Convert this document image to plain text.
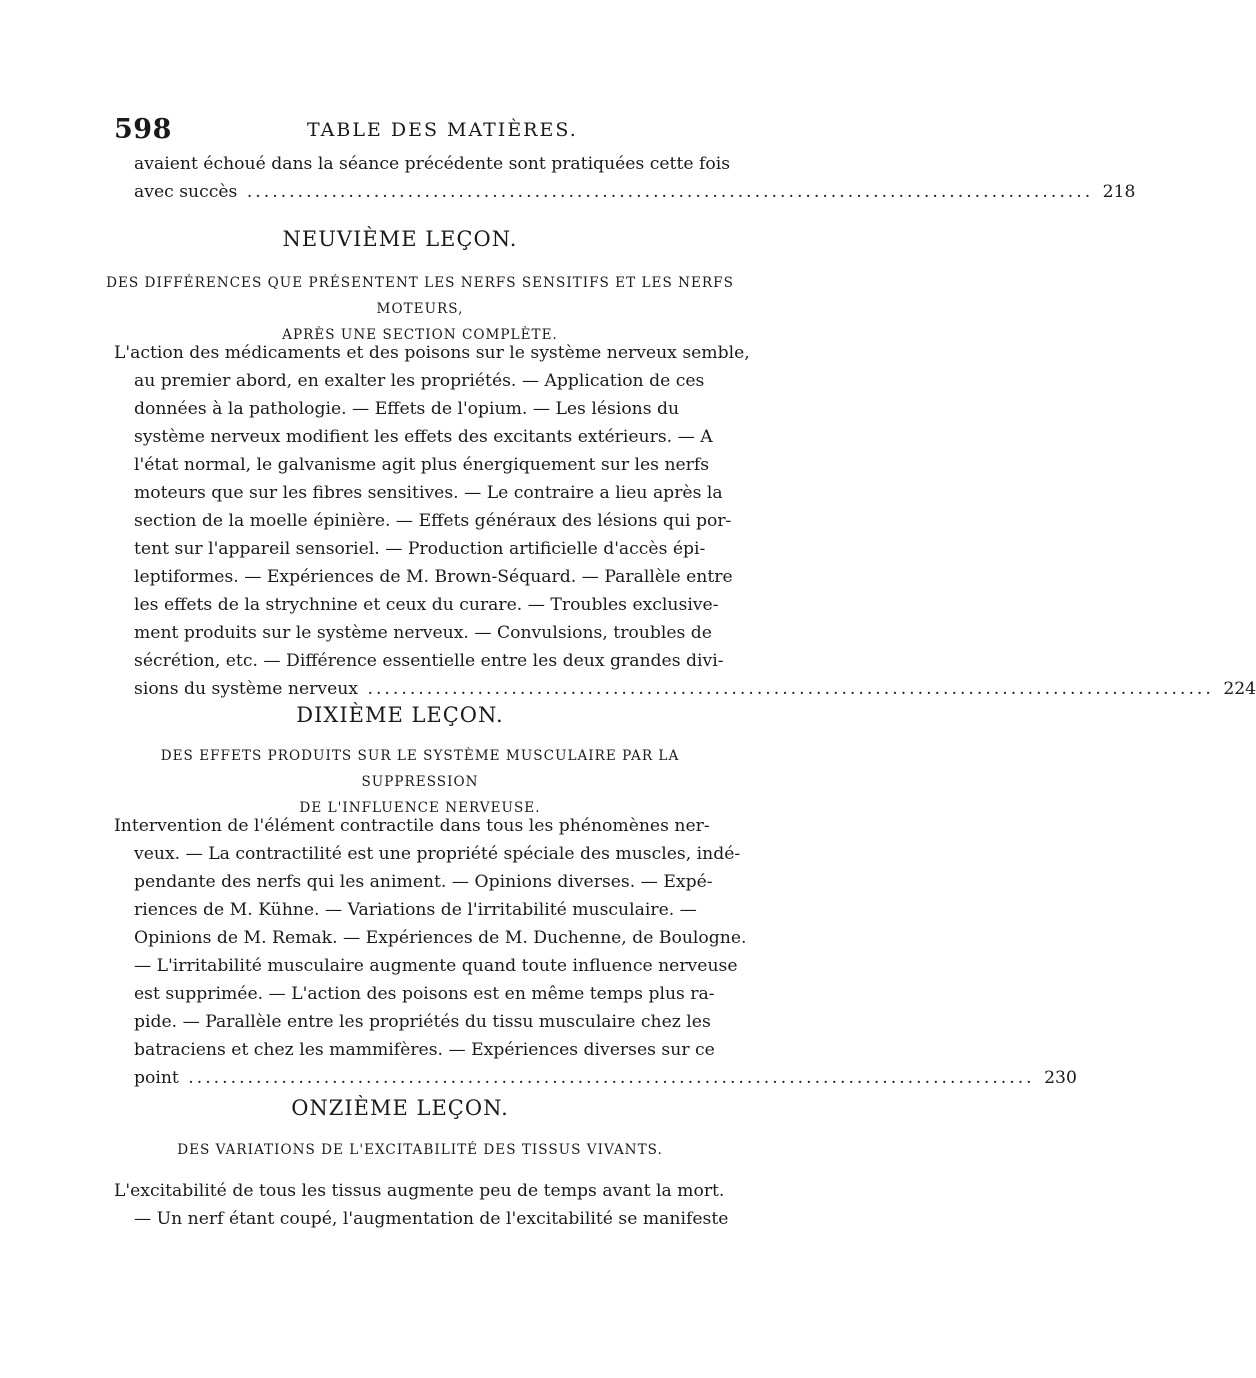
598	TABLE DES MATIÈRES.
avaient échoué dans la séance précédente sont pratiquées cette fois
avec succès .................................................................................................... 218
NEUVIÈME LEÇON.
DES DIFFÉRENCES QUE PRÉSENTENT LES NERFS SENSITIFS ET LES NERFS MOTEURS,
APRÈS UNE SECTION COMPLÈTE.
L'action des médicaments et des poisons sur le système nerveux semble,
au premier abord, en exalter les propriétés. — Application de ces
données à la pathologie. — Effets de l'opium. — Les lésions du
système nerveux modifient les effets des excitants extérieurs. — A
l'état normal, le galvanisme agit plus énergiquement sur les nerfs
moteurs que sur les fibres sensitives. — Le contraire a lieu après la
section de la moelle épinière. — Effets généraux des lésions qui por-
tent sur l'appareil sensoriel. — Production artificielle d'accès épi-
leptiformes. — Expériences de M. Brown-Séquard. — Parallèle entre
les effets de la strychnine et ceux du curare. — Troubles exclusive-
ment produits sur le système nerveux. — Convulsions, troubles de
sécrétion, etc. — Différence essentielle entre les deux grandes divi-
sions du système nerveux .................................................................................................... 224
DIXIÈME LEÇON.
DES EFFETS PRODUITS SUR LE SYSTÈME MUSCULAIRE PAR LA SUPPRESSION
DE L'INFLUENCE NERVEUSE.
Intervention de l'élément contractile dans tous les phénomènes ner-
veux. — La contractilité est une propriété spéciale des muscles, indé-
pendante des nerfs qui les animent. — Opinions diverses. — Expé-
riences de M. Kühne. — Variations de l'irritabilité musculaire. —
Opinions de M. Remak. — Expériences de M. Duchenne, de Boulogne.
— L'irritabilité musculaire augmente quand toute influence nerveuse
est supprimée. — L'action des poisons est en même temps plus ra-
pide. — Parallèle entre les propriétés du tissu musculaire chez les
batraciens et chez les mammifères. — Expériences diverses sur ce
point .................................................................................................... 230
ONZIÈME LEÇON.
DES VARIATIONS DE L'EXCITABILITÉ DES TISSUS VIVANTS.
L'excitabilité de tous les tissus augmente peu de temps avant la mort.
— Un nerf étant coupé, l'augmentation de l'excitabilité se manifeste
